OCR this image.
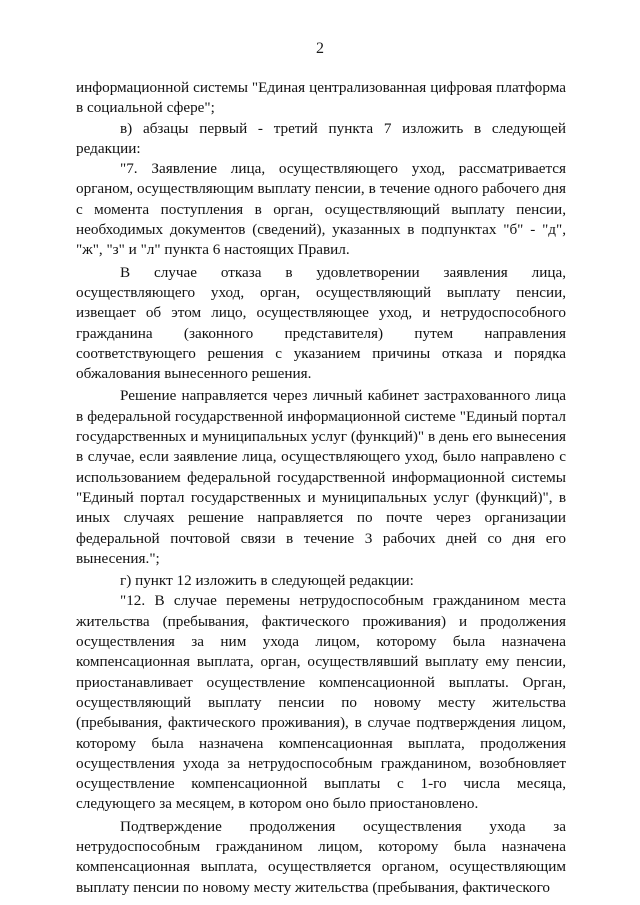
2

информационной системы "Единая централизованная цифровая платформа в социальной сфере";

в) абзацы первый - третий пункта 7 изложить в следующей редакции:

"7. Заявление лица, осуществляющего уход, рассматривается органом, осуществляющим выплату пенсии, в течение одного рабочего дня с момента поступления в орган, осуществляющий выплату пенсии, необходимых документов (сведений), указанных в подпунктах "б" - "д", "ж", "з" и "л" пункта 6 настоящих Правил.

В случае отказа в удовлетворении заявления лица, осуществляющего уход, орган, осуществляющий выплату пенсии, извещает об этом лицо, осуществляющее уход, и нетрудоспособного гражданина (законного представителя) путем направления соответствующего решения с указанием причины отказа и порядка обжалования вынесенного решения.

Решение направляется через личный кабинет застрахованного лица в федеральной государственной информационной системе "Единый портал государственных и муниципальных услуг (функций)" в день его вынесения в случае, если заявление лица, осуществляющего уход, было направлено с использованием федеральной государственной информационной системы "Единый портал государственных и муниципальных услуг (функций)", в иных случаях решение направляется по почте через организации федеральной почтовой связи в течение 3 рабочих дней со дня его вынесения.";

г) пункт 12 изложить в следующей редакции:

"12. В случае перемены нетрудоспособным гражданином места жительства (пребывания, фактического проживания) и продолжения осуществления за ним ухода лицом, которому была назначена компенсационная выплата, орган, осуществлявший выплату ему пенсии, приостанавливает осуществление компенсационной выплаты. Орган, осуществляющий выплату пенсии по новому месту жительства (пребывания, фактического проживания), в случае подтверждения лицом, которому была назначена компенсационная выплата, продолжения осуществления ухода за нетрудоспособным гражданином, возобновляет осуществление компенсационной выплаты с 1-го числа месяца, следующего за месяцем, в котором оно было приостановлено.

Подтверждение продолжения осуществления ухода за нетрудоспособным гражданином лицом, которому была назначена компенсационная выплата, осуществляется органом, осуществляющим выплату пенсии по новому месту жительства (пребывания, фактического
